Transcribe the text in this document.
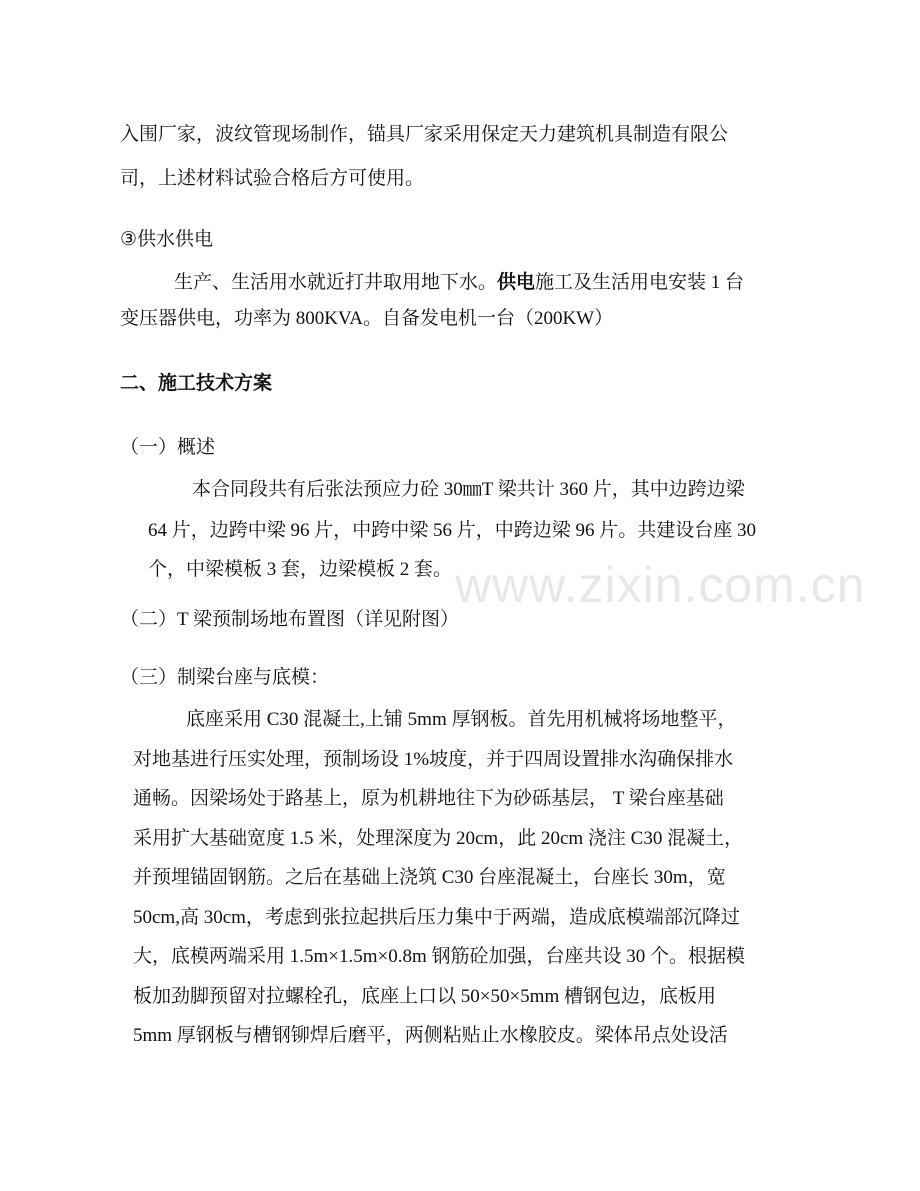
www.zixin.com.cn
入围厂家，波纹管现场制作，锚具厂家采用保定天力建筑机具制造有限公
司，上述材料试验合格后方可使用。
③供水供电
生产、生活用水就近打井取用地下水。供电施工及生活用电安装 1 台
变压器供电，功率为 800KVA。自备发电机一台（200KW）
二、施工技术方案
（一）概述
本合同段共有后张法预应力砼 30㎜T 梁共计 360 片，其中边跨边梁
64 片，边跨中梁 96 片，中跨中梁 56 片，中跨边梁 96 片。共建设台座 30
个，中梁模板 3 套，边梁模板 2 套。
（二）T 梁预制场地布置图（详见附图）
（三）制梁台座与底模：
底座采用 C30 混凝土,上铺 5mm 厚钢板。首先用机械将场地整平，
对地基进行压实处理，预制场设 1%坡度，并于四周设置排水沟确保排水
通畅。因梁场处于路基上，原为机耕地往下为砂砾基层， T 梁台座基础
采用扩大基础宽度 1.5 米，处理深度为 20cm，此 20cm 浇注 C30 混凝土，
并预埋锚固钢筋。之后在基础上浇筑 C30 台座混凝土，台座长 30m，宽
50cm,高 30cm，考虑到张拉起拱后压力集中于两端，造成底模端部沉降过
大，底模两端采用 1.5m×1.5m×0.8m 钢筋砼加强，台座共设 30 个。根据模
板加劲脚预留对拉螺栓孔，底座上口以 50×50×5mm 槽钢包边，底板用
5mm 厚钢板与槽钢铆焊后磨平，两侧粘贴止水橡胶皮。梁体吊点处设活
